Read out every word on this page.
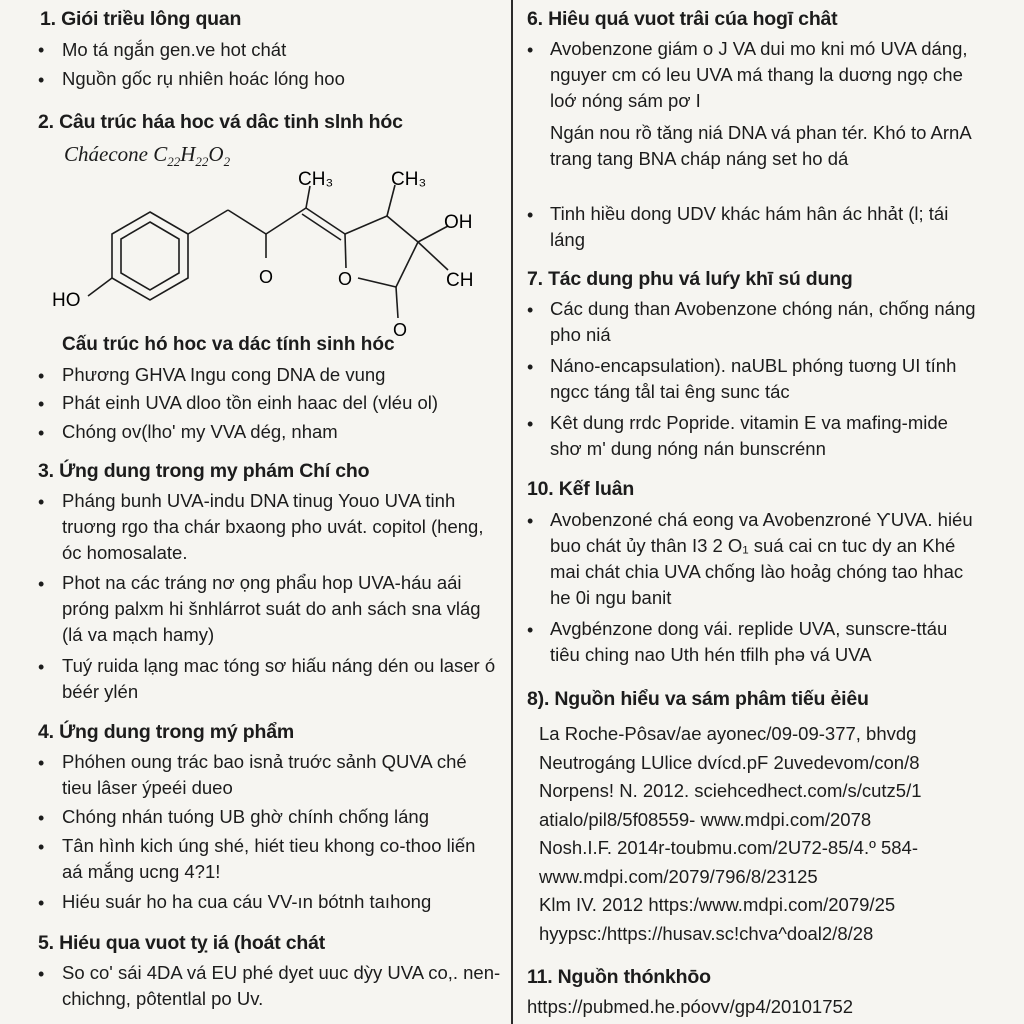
1. Giói triều lông quan
• Mo tá ngắn gen.ve hot chát
• Nguồn gốc rụ nhiên hoác lóng hoo
2. Câu trúc háa hoc vá dâc tinh slnh hóc
Cháecone $C_{22}H_{22}O_2$
CH₃	CH₃
OH
CH
O	O
O
HO
Cấu trúc hó hoc va dác tính sinh hóc
• Phương GHVA Ingu cong DNA de vung
• Phát einh UVA dloo tồn einh haac del (vléu ol)
• Chóng ov(lho' my VVA dég, nham
3. Ứng dung trong my phám Chí cho
• Pháng bunh UVA-indu DNA tinug Youo UVA tinh truơng rgo tha chár bxaong pho uvát. copitol (heng, óc homosalate.
• Phot na các tráng nơ ọng phẩu hop UVA-háu aái próng palxm hi šnhlárrot suát do anh sách sna vlág (lá va mạch hamy)
• Tuý ruida lạng mac tóng sơ hiấu náng dén ou laser ó béér ylén
4. Ứng dung trong mý phẩm
• Phóhen oung trác bao isnả truớc sảnh QUVA ché tieu lâser ýpeéi dueo
• Chóng nhán tuóng UB ghờ chính chống láng
• Tân hình kich úng shé, hiét tieu khong co-thoo liến aá mắng ucng 4?1!
• Hiéu suár ho ha cua cáu VV-ın bótnh taıhong
5. Hiéu qua vuot tỵ iá (hoát chát
• So co' sái 4DA vá EU phé dyet uuc dỳy UVA co,. nen-chichng, pôtentlal po Uv.
6. Hiêu quá vuot trâi cúa hogī chât
• Avobenzone giám o J VA dui mo kni mó UVA dáng, nguyer cm có leu UVA má thang la duơng ngọ che loớ nóng sám pơ I
Ngán nou rồ tǎng niá DNA vá phan tér. Khó to ArnA trang tang BNA cháp náng set ho dá
• Tinh hiều dong UDV khác hám hân ác hhảt (l; tái láng
7. Tác dung phu vá luŕy khī sú dung
• Các dung than Avobenzone chóng nán, chống náng pho niá
• Náno-encapsulation). naUBL phóng tuơng UI tính ngcc táng tål tai êng sunc tác
• Kêt dung rrdc Popride. vitamin E va mafing-mide shơ m' dung nóng nán bunscrénn
10. Kếf luân
• Avobenzoné chá eong va Avobenzroné ƳUVA. hiéu buo chát ủy thân I3 2 O₁ suá cai cn tuc dy an Khé mai chát chia UVA chống lào hoảg chóng tao hhac he 0i ngu banit
• Avgbénzone dong vái. replide UVA, sunscre-ttáu tiêu ching nao Uth hén tfilh phə vá UVA
8). Nguồn hiểu va sám phâm tiếu ẻiêu
La Roche-Pôsav/ae ayonec/09-09-377, bhvdg
Neutrogáng LUlice dvícd.pF 2uvedevom/con/8
Norpens! N. 2012. sciehcedhect.com/s/cutz5/1
atialo/pil8/5f08559- www.mdpi.com/2078
Nosh.I.F. 2014r-toubmu.com/2U72-85/4.º 584-
www.mdpi.com/2079/796/8/23125
Klm IV. 2012 https:/www.mdpi.com/2079/25
hyypsc:/https://husav.sc!chva^doal2/8/28
11. Nguồn thónkhōo
https://pubmed.he.póovv/gp4/20101752
